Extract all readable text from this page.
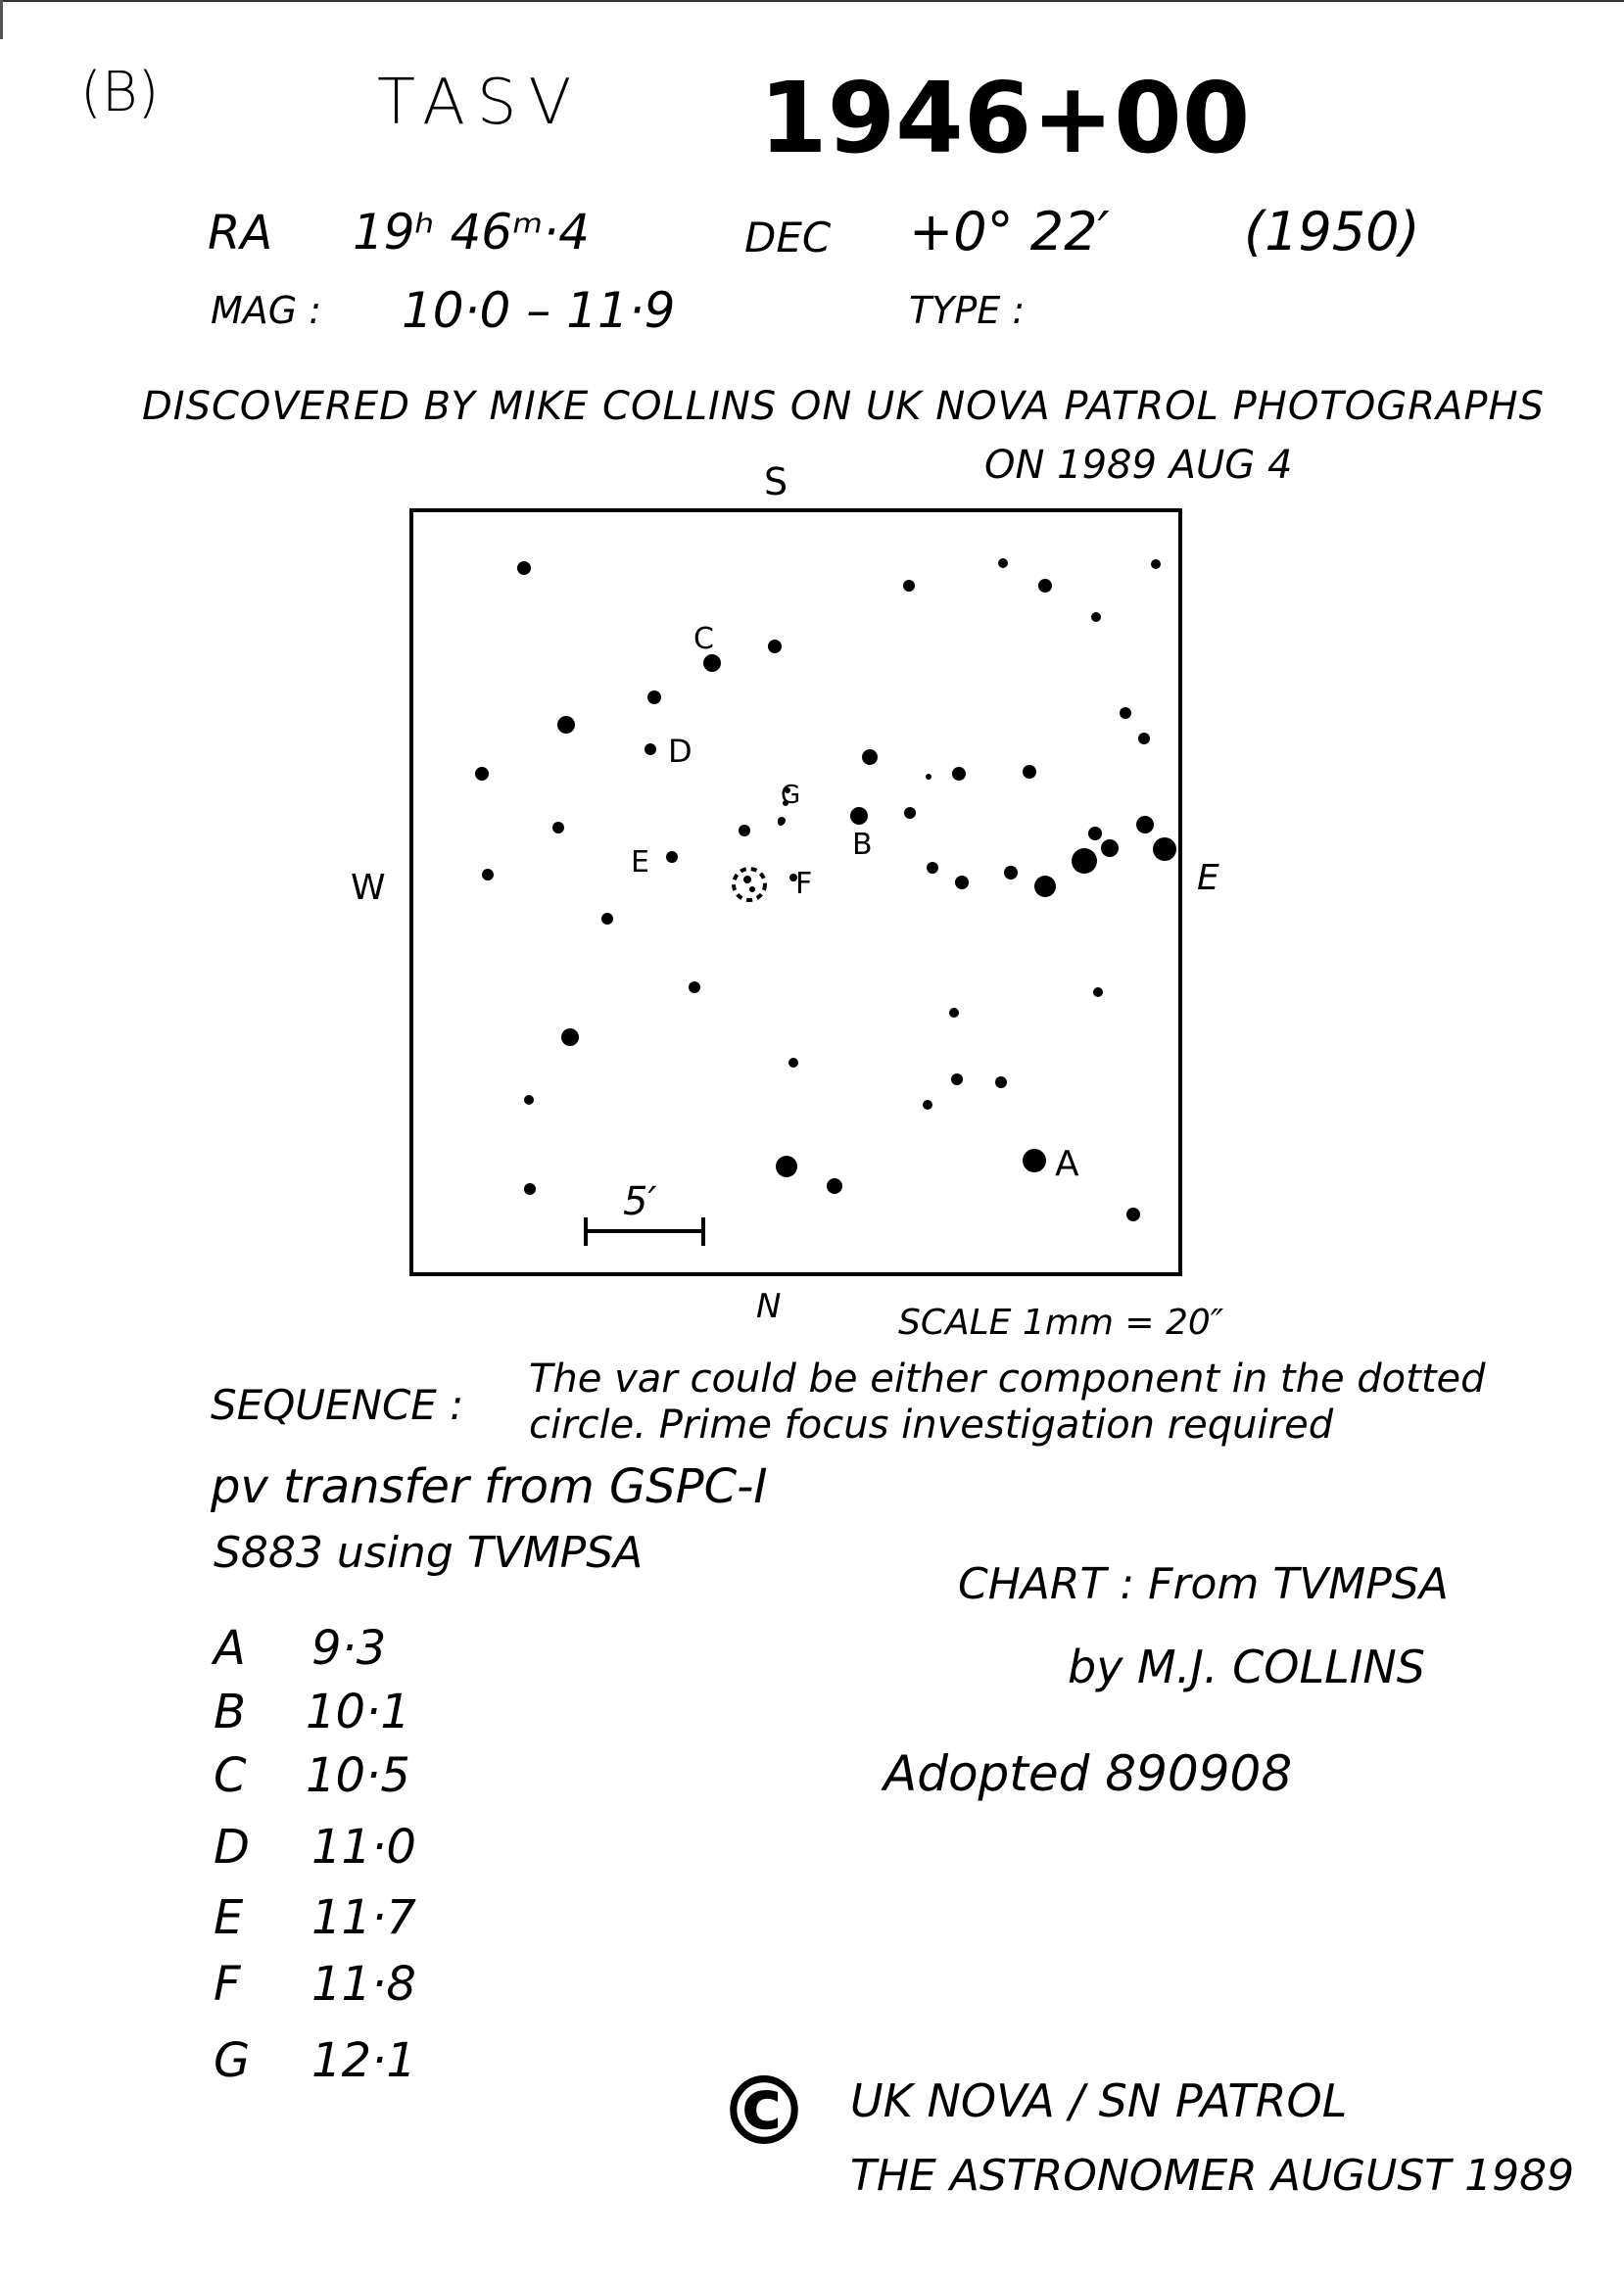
(B)	TASV 1946+00
RA 19ʰ 46ᵐ·4	DEC +0° 22′	(1950)
MAG : 10·0 – 11·9	TYPE :
DISCOVERED BY MIKE COLLINS ON UK NOVA PATROL PHOTOGRAPHS
ON 1989 AUG 4
5′
S
N
E
W
C
D
G
B
E
F
A
SCALE 1mm = 20″
SEQUENCE :
The var could be either component in the dotted
circle. Prime focus investigation required
pv transfer from GSPC-I
S883 using TVMPSA
A 9·3
B 10·1
C 10·5
D 11·0
E 11·7
F 11·8
G 12·1
CHART : From TVMPSA
by M.J. COLLINS
Adopted 890908
© UK NOVA / SN PATROL
THE ASTRONOMER AUGUST 1989
